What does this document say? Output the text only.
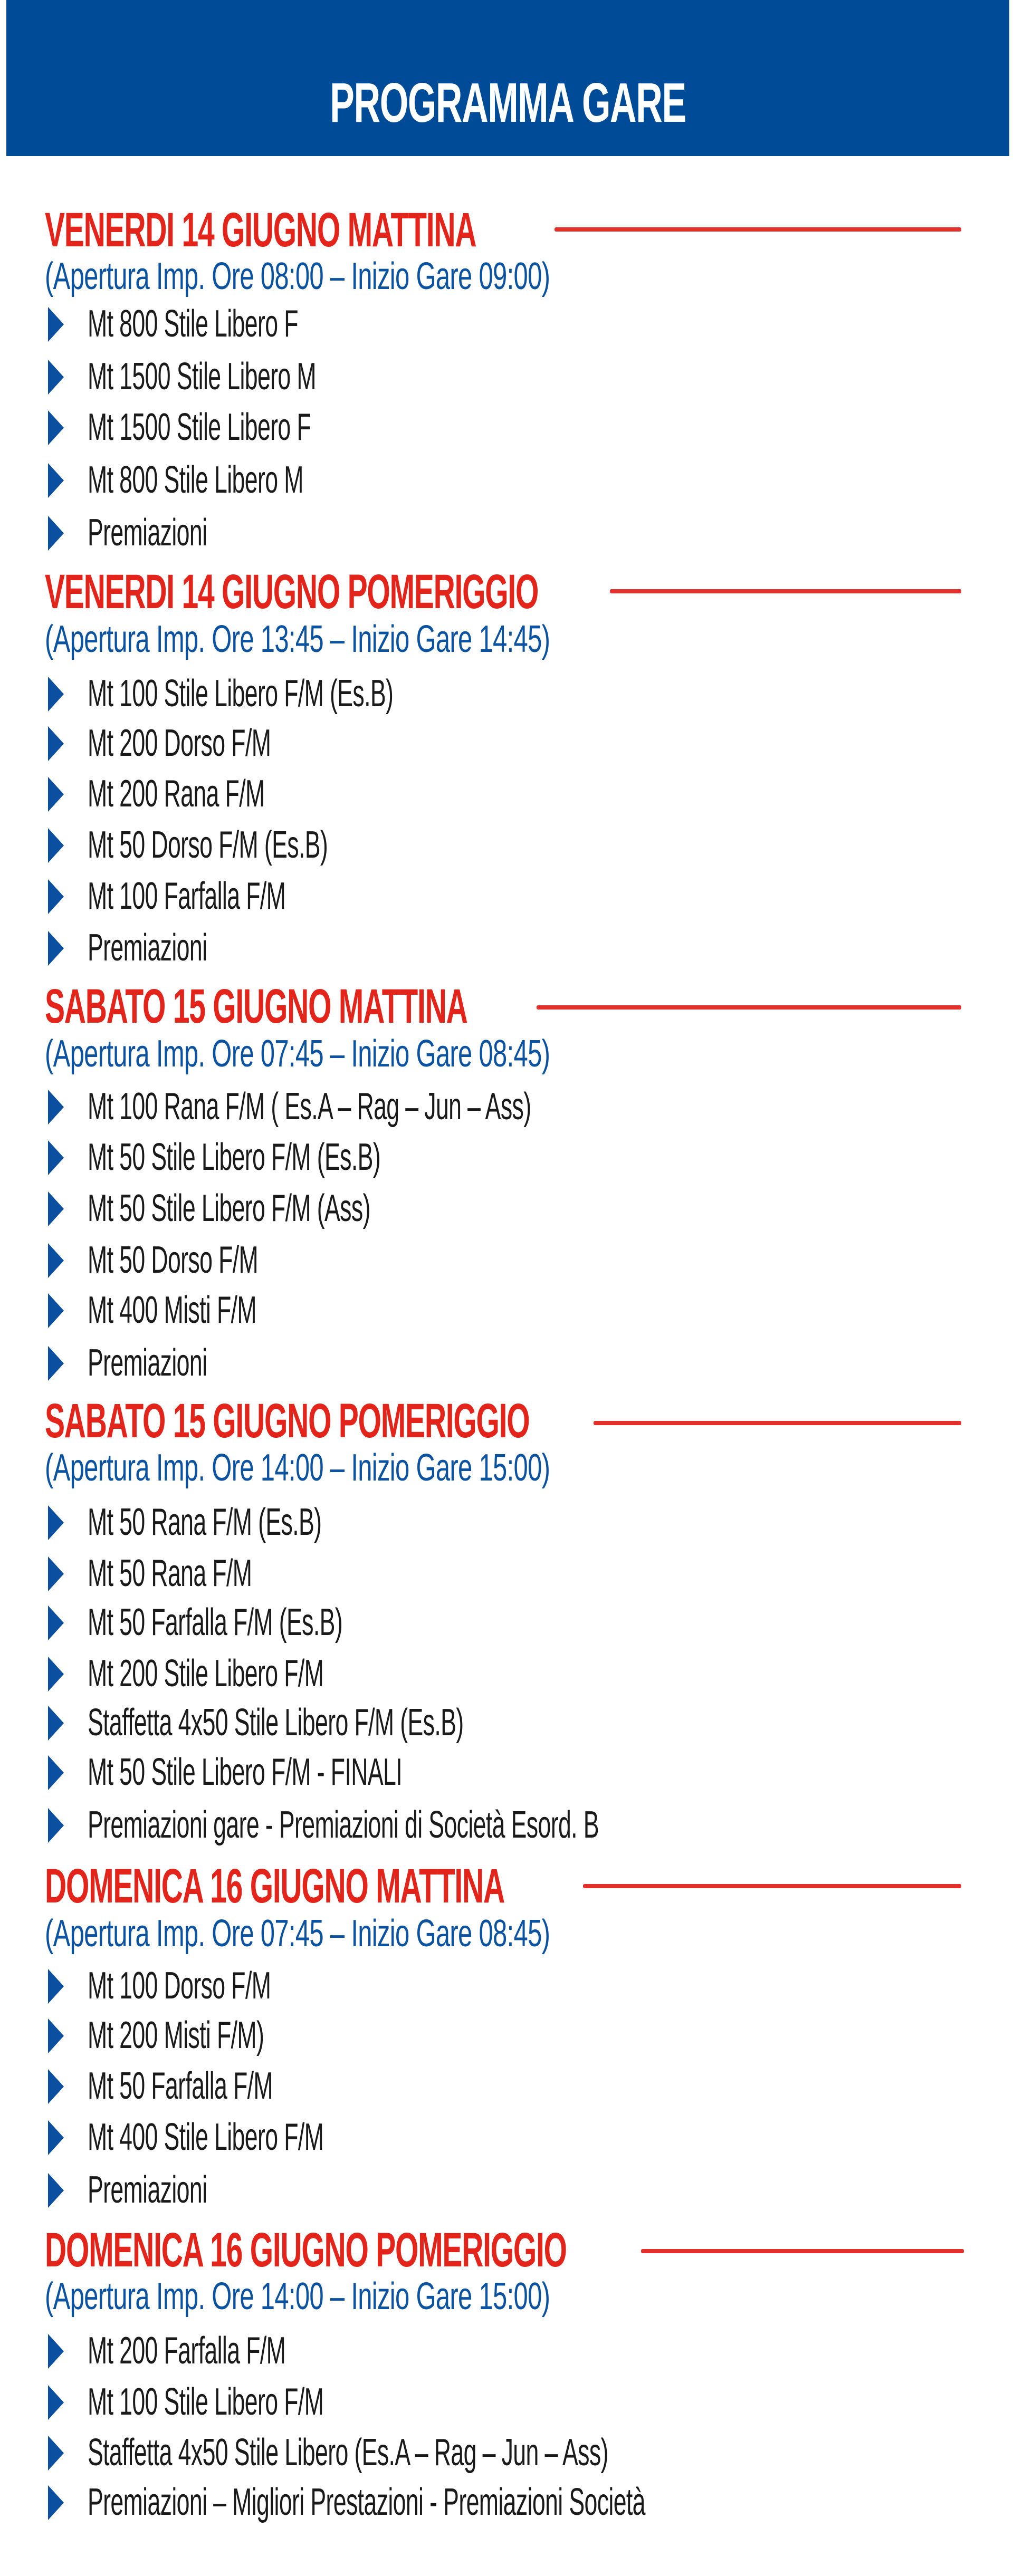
PROGRAMMA GARE
VENERDI 14 GIUGNO MATTINA
(Apertura Imp. Ore 08:00 – Inizio Gare 09:00)
Mt 800 Stile Libero F
Mt 1500 Stile Libero M
Mt 1500 Stile Libero F
Mt 800 Stile Libero M
Premiazioni
VENERDI 14 GIUGNO POMERIGGIO
(Apertura Imp. Ore 13:45 – Inizio Gare 14:45)
Mt 100 Stile Libero F/M (Es.B)
Mt 200 Dorso F/M
Mt 200 Rana F/M
Mt 50 Dorso F/M (Es.B)
Mt 100 Farfalla F/M
Premiazioni
SABATO 15 GIUGNO MATTINA
(Apertura Imp. Ore 07:45 – Inizio Gare 08:45)
Mt 100 Rana F/M ( Es.A – Rag – Jun – Ass)
Mt 50 Stile Libero F/M (Es.B)
Mt 50 Stile Libero F/M (Ass)
Mt 50 Dorso F/M
Mt 400 Misti F/M
Premiazioni
SABATO 15 GIUGNO POMERIGGIO
(Apertura Imp. Ore 14:00 – Inizio Gare 15:00)
Mt 50 Rana F/M (Es.B)
Mt 50 Rana F/M
Mt 50 Farfalla F/M (Es.B)
Mt 200 Stile Libero F/M
Staffetta 4x50 Stile Libero F/M (Es.B)
Mt 50 Stile Libero F/M - FINALI
Premiazioni gare - Premiazioni di Società Esord. B
DOMENICA 16 GIUGNO MATTINA
(Apertura Imp. Ore 07:45 – Inizio Gare 08:45)
Mt 100 Dorso F/M
Mt 200 Misti F/M)
Mt 50 Farfalla F/M
Mt 400 Stile Libero F/M
Premiazioni
DOMENICA 16 GIUGNO POMERIGGIO
(Apertura Imp. Ore 14:00 – Inizio Gare 15:00)
Mt 200 Farfalla F/M
Mt 100 Stile Libero F/M
Staffetta 4x50 Stile Libero (Es.A – Rag – Jun – Ass)
Premiazioni – Migliori Prestazioni - Premiazioni Società
